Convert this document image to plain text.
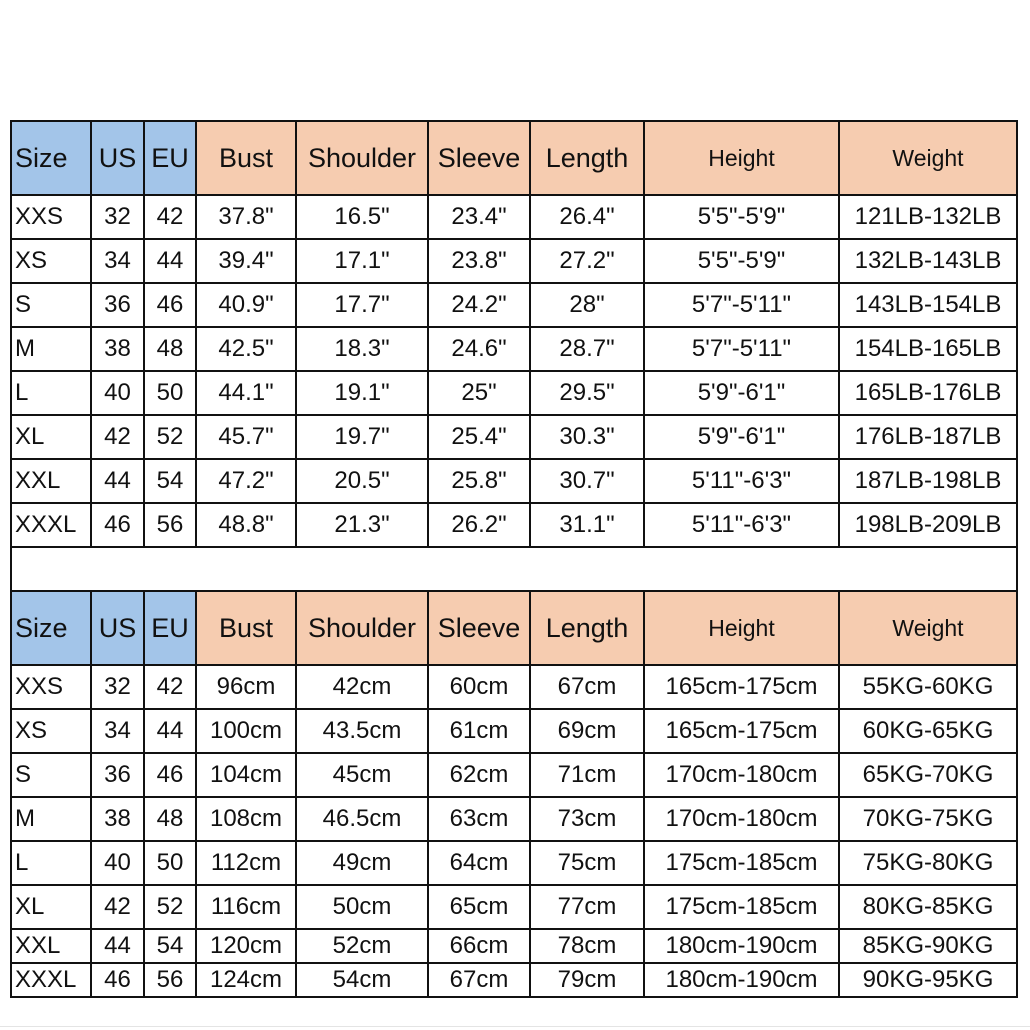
Size	US	EU	Bust	Shoulder	Sleeve	Length	Height	Weight
XXS	32	42	37.8"	16.5"	23.4"	26.4"	5'5"-5'9"	121LB-132LB
XS	34	44	39.4"	17.1"	23.8"	27.2"	5'5"-5'9"	132LB-143LB
S	36	46	40.9"	17.7"	24.2"	28"	5'7"-5'11"	143LB-154LB
M	38	48	42.5"	18.3"	24.6"	28.7"	5'7"-5'11"	154LB-165LB
L	40	50	44.1"	19.1"	25"	29.5"	5'9"-6'1"	165LB-176LB
XL	42	52	45.7"	19.7"	25.4"	30.3"	5'9"-6'1"	176LB-187LB
XXL	44	54	47.2"	20.5"	25.8"	30.7"	5'11"-6'3"	187LB-198LB
XXXL	46	56	48.8"	21.3"	26.2"	31.1"	5'11"-6'3"	198LB-209LB

Size	US	EU	Bust	Shoulder	Sleeve	Length	Height	Weight
XXS	32	42	96cm	42cm	60cm	67cm	165cm-175cm	55KG-60KG
XS	34	44	100cm	43.5cm	61cm	69cm	165cm-175cm	60KG-65KG
S	36	46	104cm	45cm	62cm	71cm	170cm-180cm	65KG-70KG
M	38	48	108cm	46.5cm	63cm	73cm	170cm-180cm	70KG-75KG
L	40	50	112cm	49cm	64cm	75cm	175cm-185cm	75KG-80KG
XL	42	52	116cm	50cm	65cm	77cm	175cm-185cm	80KG-85KG
XXL	44	54	120cm	52cm	66cm	78cm	180cm-190cm	85KG-90KG
XXXL	46	56	124cm	54cm	67cm	79cm	180cm-190cm	90KG-95KG
